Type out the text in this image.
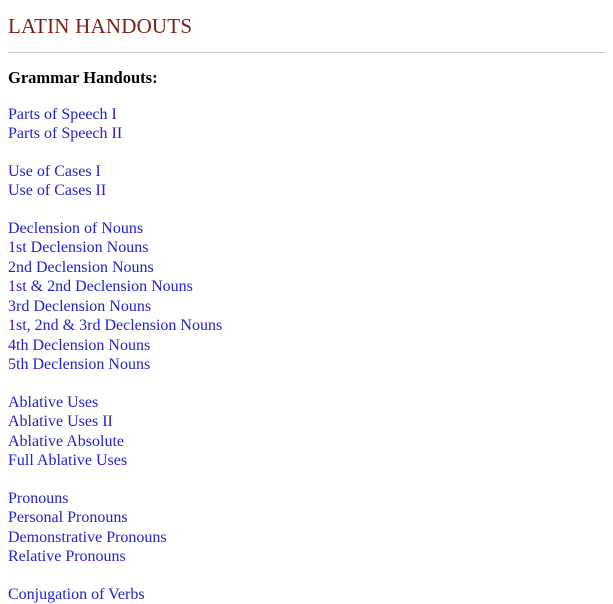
LATIN HANDOUTS
Grammar Handouts:
Parts of Speech I
Parts of Speech II
Use of Cases I
Use of Cases II
Declension of Nouns
1st Declension Nouns
2nd Declension Nouns
1st & 2nd Declension Nouns
3rd Declension Nouns
1st, 2nd & 3rd Declension Nouns
4th Declension Nouns
5th Declension Nouns
Ablative Uses
Ablative Uses II
Ablative Absolute
Full Ablative Uses
Pronouns
Personal Pronouns
Demonstrative Pronouns
Relative Pronouns
Conjugation of Verbs
